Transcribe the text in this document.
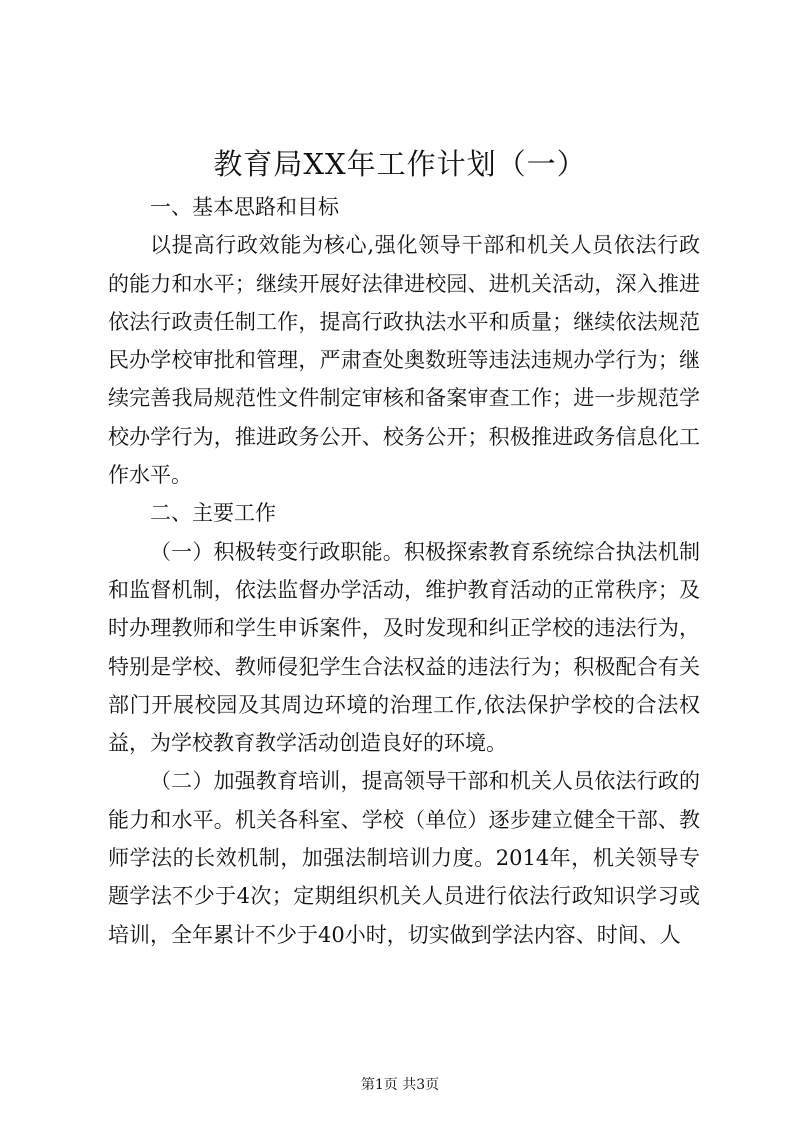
教育局XX年工作计划（一）

一、基本思路和目标

以提高行政效能为核心,强化领导干部和机关人员依法行政的能力和水平；继续开展好法律进校园、进机关活动，深入推进依法行政责任制工作，提高行政执法水平和质量；继续依法规范民办学校审批和管理，严肃查处奥数班等违法违规办学行为；继续完善我局规范性文件制定审核和备案审查工作；进一步规范学校办学行为，推进政务公开、校务公开；积极推进政务信息化工作水平。

二、主要工作

（一）积极转变行政职能。积极探索教育系统综合执法机制和监督机制，依法监督办学活动，维护教育活动的正常秩序；及时办理教师和学生申诉案件，及时发现和纠正学校的违法行为，特别是学校、教师侵犯学生合法权益的违法行为；积极配合有关部门开展校园及其周边环境的治理工作,依法保护学校的合法权益，为学校教育教学活动创造良好的环境。

（二）加强教育培训，提高领导干部和机关人员依法行政的能力和水平。机关各科室、学校（单位）逐步建立健全干部、教师学法的长效机制，加强法制培训力度。2014年，机关领导专题学法不少于4次；定期组织机关人员进行依法行政知识学习或培训，全年累计不少于40小时，切实做到学法内容、时间、人

第1页 共3页
